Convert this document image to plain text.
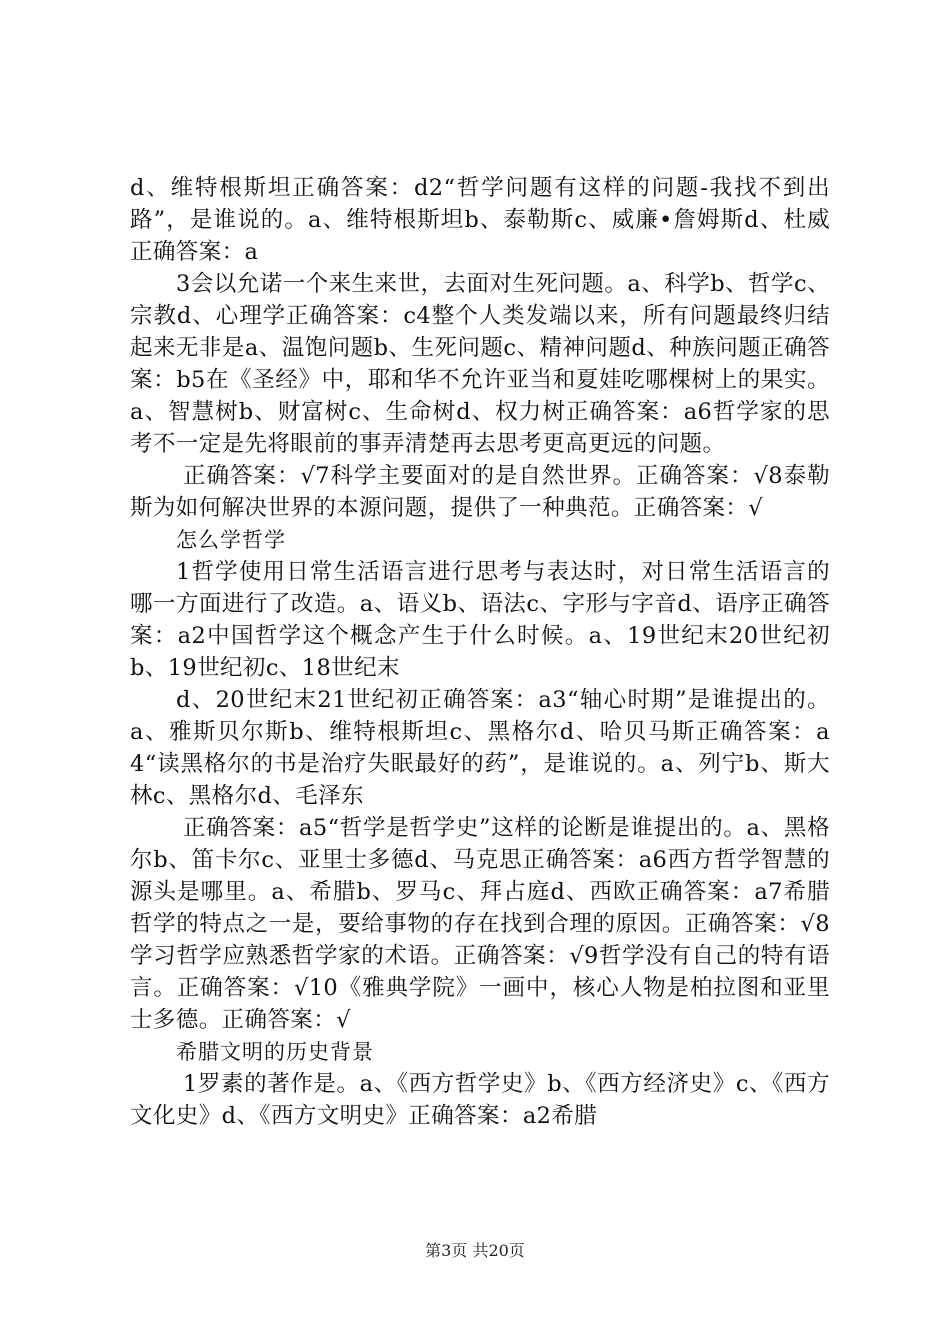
d、维特根斯坦正确答案：d2“哲学问题有这样的问题-我找不到出路”，是谁说的。a、维特根斯坦b、泰勒斯c、威廉•詹姆斯d、杜威正确答案：a

3会以允诺一个来生来世，去面对生死问题。a、科学b、哲学c、宗教d、心理学正确答案：c4整个人类发端以来，所有问题最终归结起来无非是a、温饱问题b、生死问题c、精神问题d、种族问题正确答案：b5在《圣经》中，耶和华不允许亚当和夏娃吃哪棵树上的果实。a、智慧树b、财富树c、生命树d、权力树正确答案：a6哲学家的思考不一定是先将眼前的事弄清楚再去思考更高更远的问题。

正确答案：√7科学主要面对的是自然世界。正确答案：√8泰勒斯为如何解决世界的本源问题，提供了一种典范。正确答案：√

怎么学哲学

1哲学使用日常生活语言进行思考与表达时，对日常生活语言的哪一方面进行了改造。a、语义b、语法c、字形与字音d、语序正确答案：a2中国哲学这个概念产生于什么时候。a、19世纪末20世纪初b、19世纪初c、18世纪末

d、20世纪末21世纪初正确答案：a3“轴心时期”是谁提出的。a、雅斯贝尔斯b、维特根斯坦c、黑格尔d、哈贝马斯正确答案：a4“读黑格尔的书是治疗失眠最好的药”，是谁说的。a、列宁b、斯大林c、黑格尔d、毛泽东

正确答案：a5“哲学是哲学史”这样的论断是谁提出的。a、黑格尔b、笛卡尔c、亚里士多德d、马克思正确答案：a6西方哲学智慧的源头是哪里。a、希腊b、罗马c、拜占庭d、西欧正确答案：a7希腊哲学的特点之一是，要给事物的存在找到合理的原因。正确答案：√8学习哲学应熟悉哲学家的术语。正确答案：√9哲学没有自己的特有语言。正确答案：√10《雅典学院》一画中，核心人物是柏拉图和亚里士多德。正确答案：√

希腊文明的历史背景

1罗素的著作是。a、《西方哲学史》b、《西方经济史》c、《西方文化史》d、《西方文明史》正确答案：a2希腊

第3页 共20页
